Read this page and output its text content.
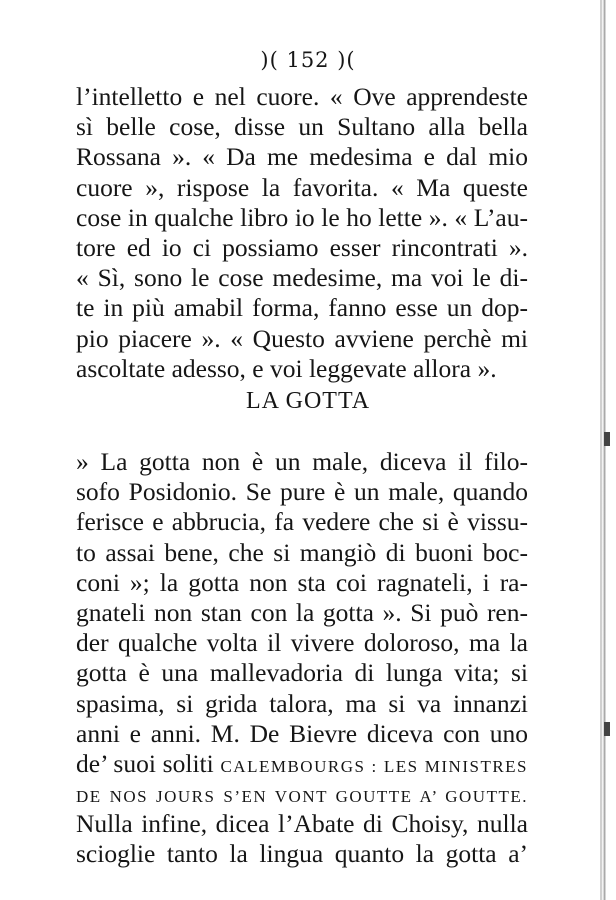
)( 152 )(
l’intelletto e nel cuore. « Ove apprendeste
sì belle cose, disse un Sultano alla bella
Rossana ». « Da me medesima e dal mio
cuore », rispose la favorita. « Ma queste
cose in qualche libro io le ho lette ». « L’au-
tore ed io ci possiamo esser rincontrati ».
« Sì, sono le cose medesime, ma voi le di-
te in più amabil forma, fanno esse un dop-
pio piacere ». « Questo avviene perchè mi
ascoltate adesso, e voi leggevate allora ».
LA GOTTA
» La gotta non è un male, diceva il filo-
sofo Posidonio. Se pure è un male, quando
ferisce e abbrucia, fa vedere che si è vissu-
to assai bene, che si mangiò di buoni boc-
coni »; la gotta non sta coi ragnateli, i ra-
gnateli non stan con la gotta ». Si può ren-
der qualche volta il vivere doloroso, ma la
gotta è una mallevadoria di lunga vita; si
spasima, si grida talora, ma si va innanzi
anni e anni. M. De Bievre diceva con uno
de’ suoi soliti CALEMBOURGS : LES MINISTRES
DE NOS JOURS S’EN VONT GOUTTE A’ GOUTTE.
Nulla infine, dicea l’Abate di Choisy, nulla
scioglie tanto la lingua quanto la gotta a’
